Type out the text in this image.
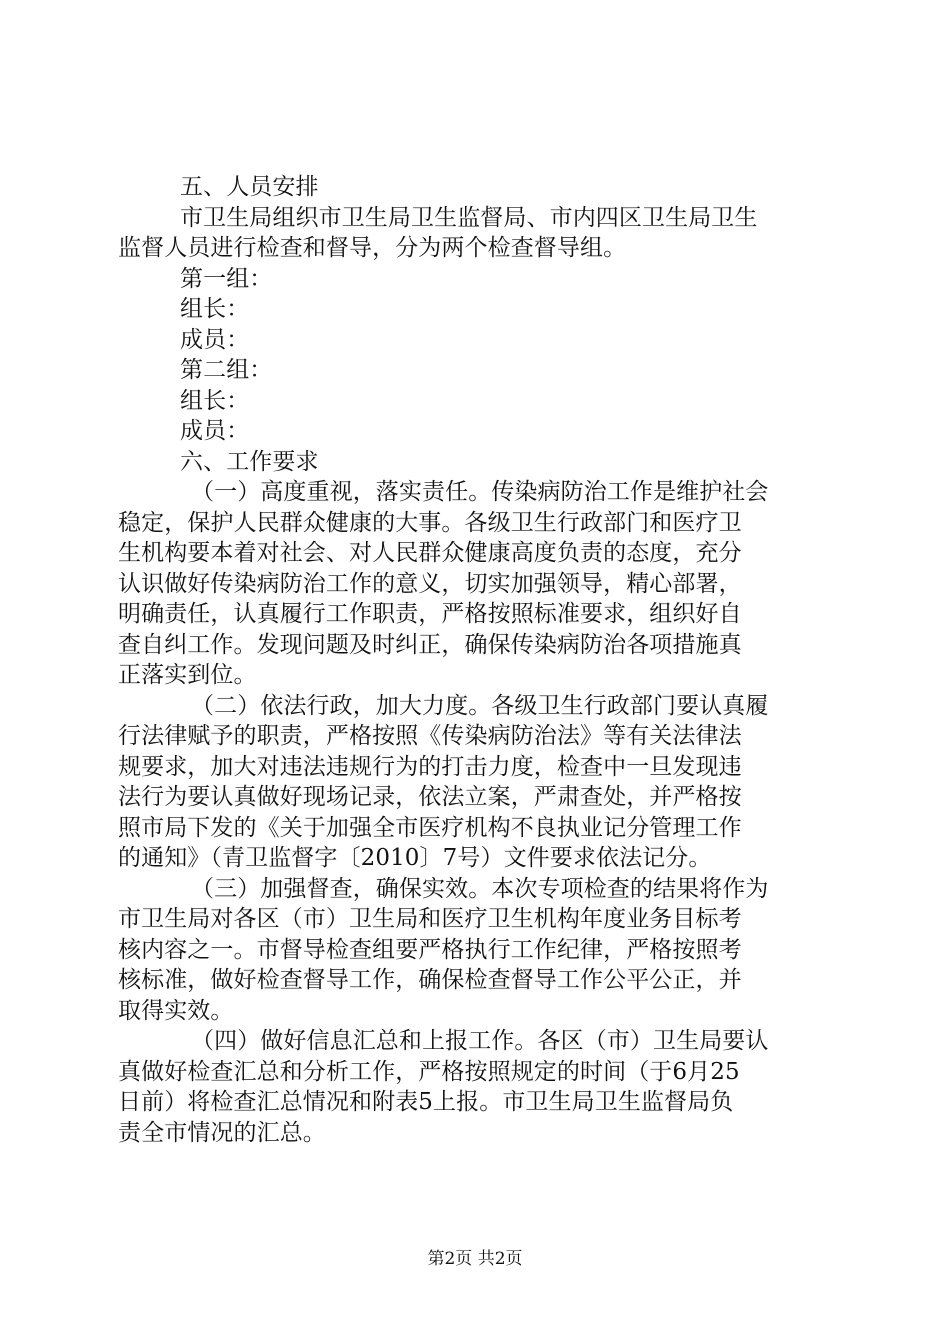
五、人员安排
市卫生局组织市卫生局卫生监督局、市内四区卫生局卫生
监督人员进行检查和督导，分为两个检查督导组。
第一组：
组长：
成员：
第二组：
组长：
成员：
六、工作要求
（一）高度重视，落实责任。传染病防治工作是维护社会
稳定，保护人民群众健康的大事。各级卫生行政部门和医疗卫
生机构要本着对社会、对人民群众健康高度负责的态度，充分
认识做好传染病防治工作的意义，切实加强领导，精心部署，
明确责任，认真履行工作职责，严格按照标准要求，组织好自
查自纠工作。发现问题及时纠正，确保传染病防治各项措施真
正落实到位。
（二）依法行政，加大力度。各级卫生行政部门要认真履
行法律赋予的职责，严格按照《传染病防治法》等有关法律法
规要求，加大对违法违规行为的打击力度，检查中一旦发现违
法行为要认真做好现场记录，依法立案，严肃查处，并严格按
照市局下发的《关于加强全市医疗机构不良执业记分管理工作
的通知》（青卫监督字〔2010〕7号）文件要求依法记分。
（三）加强督查，确保实效。本次专项检查的结果将作为
市卫生局对各区（市）卫生局和医疗卫生机构年度业务目标考
核内容之一。市督导检查组要严格执行工作纪律，严格按照考
核标准，做好检查督导工作，确保检查督导工作公平公正，并
取得实效。
（四）做好信息汇总和上报工作。各区（市）卫生局要认
真做好检查汇总和分析工作，严格按照规定的时间（于6月25
日前）将检查汇总情况和附表5上报。市卫生局卫生监督局负
责全市情况的汇总。
第2页 共2页
